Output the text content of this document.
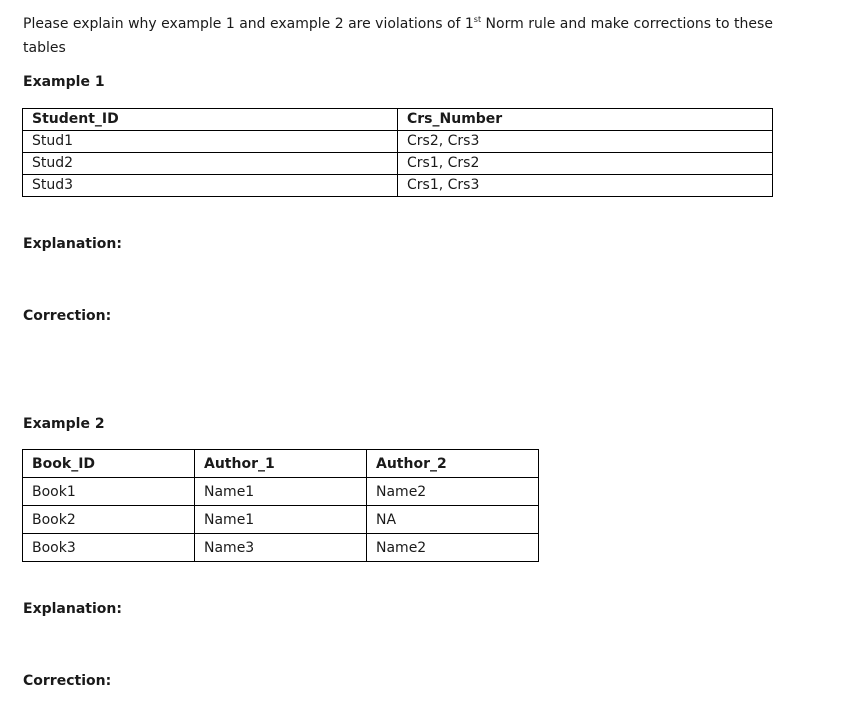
Please explain why example 1 and example 2 are violations of 1st Norm rule and make corrections to these tables

Example 1

Student_ID	Crs_Number
Stud1	Crs2, Crs3
Stud2	Crs1, Crs2
Stud3	Crs1, Crs3

Explanation:

Correction:

Example 2

Book_ID	Author_1	Author_2
Book1	Name1	Name2
Book2	Name1	NA
Book3	Name3	Name2

Explanation:

Correction:
